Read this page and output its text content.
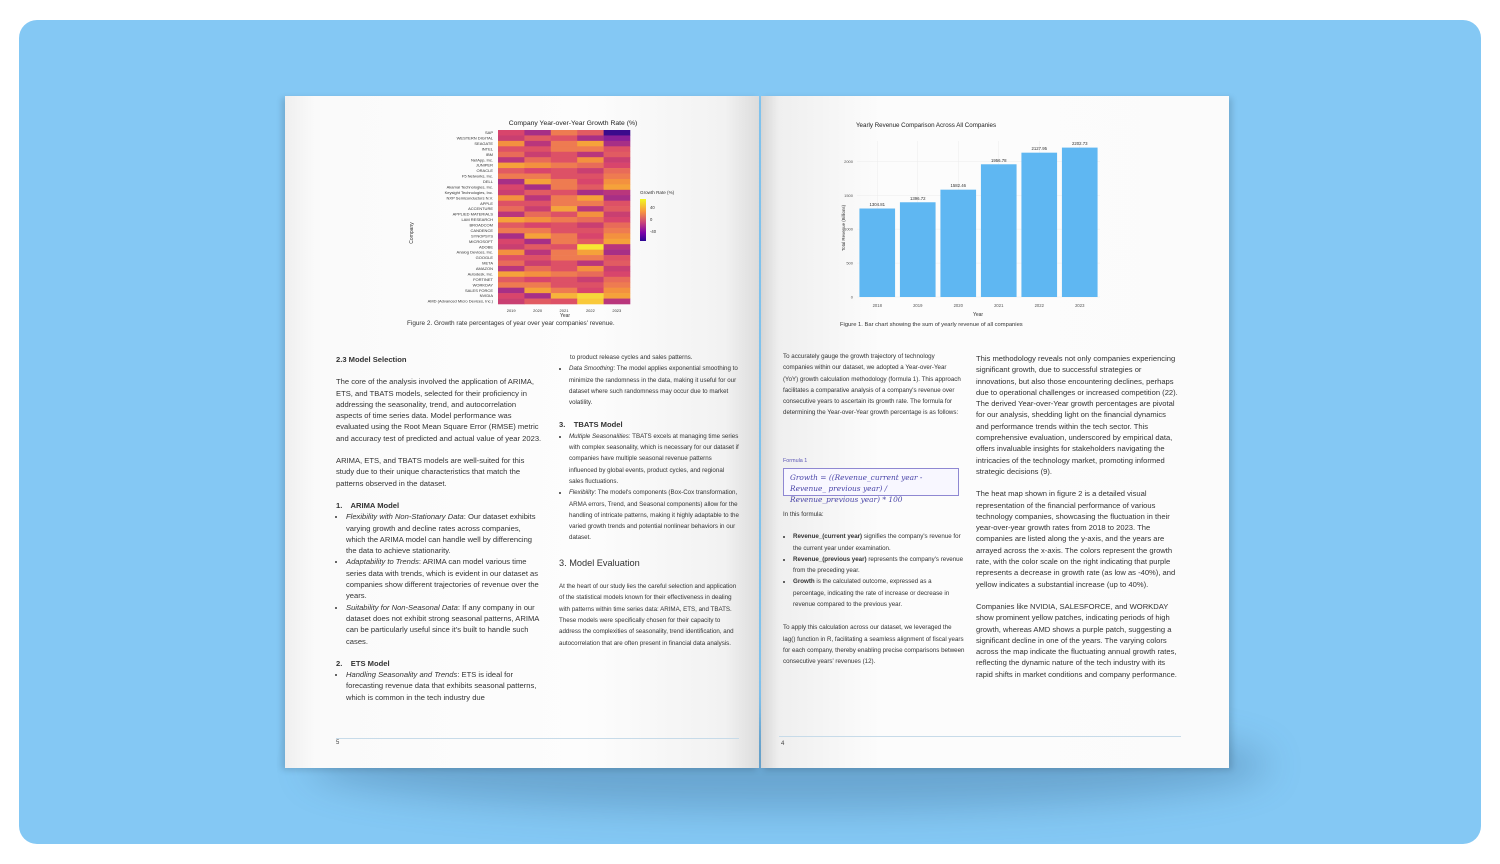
Company Year-over-Year Growth Rate (%)
SAP
WESTERN DIGITAL
SEAGATE
INTEL
IBM
NetApp, Inc.
JUNIPER
ORACLE
F5 Networks, Inc.
DELL
Akamai Technologies, Inc.
Keysight Technologies, Inc.
NXP Semiconductors N.V.
APPLE
ACCENTURE
APPLIED MATERIALS
LAM RESEARCH
BROADCOM
CANDENCE
SYNOPSYS
MICROSOFT
ADOBE
Analog Devices, Inc.
GOOGLE
META
AMAZON
Autodesk, Inc.
FORTINET
WORKDAY
SALES FORCE
NVIDIA
AMD (Advanced Micro Devices, Inc.)
2019	2020	2021	2022	2023
Company
Year
Growth Rate (%)
40
0
-40
Figure 2. Growth rate percentages of year over year companies' revenue.
2.3 Model Selection

The core of the analysis involved the application of ARIMA, ETS, and TBATS models, selected for their proficiency in addressing the seasonality, trend, and autocorrelation aspects of time series data. Model performance was evaluated using the Root Mean Square Error (RMSE) metric and accuracy test of predicted and actual value of year 2023.

ARIMA, ETS, and TBATS models are well-suited for this study due to their unique characteristics that match the patterns observed in the dataset.

1.    ARIMA Model
• Flexibility with Non-Stationary Data: Our dataset exhibits varying growth and decline rates across companies, which the ARIMA model can handle well by differencing the data to achieve stationarity.
• Adaptability to Trends: ARIMA can model various time series data with trends, which is evident in our dataset as companies show different trajectories of revenue over the years.
• Suitability for Non-Seasonal Data: If any company in our dataset does not exhibit strong seasonal patterns, ARIMA can be particularly useful since it's built to handle such cases.
2.    ETS Model
• Handling Seasonality and Trends: ETS is ideal for forecasting revenue data that exhibits seasonal patterns, which is common in the tech industry due

to product release cycles and sales patterns.

• Data Smoothing: The model applies exponential smoothing to minimize the randomness in the data, making it useful for our dataset where such randomness may occur due to market volatility.
3.    TBATS Model
• Multiple Seasonalities: TBATS excels at managing time series with complex seasonality, which is necessary for our dataset if companies have multiple seasonal revenue patterns influenced by global events, product cycles, and regional sales fluctuations.
• Flexibility: The model's components (Box-Cox transformation, ARMA errors, Trend, and Seasonal components) allow for the handling of intricate patterns, making it highly adaptable to the varied growth trends and potential nonlinear behaviors in our dataset.
3. Model Evaluation

At the heart of our study lies the careful selection and application of the statistical models known for their effectiveness in dealing with patterns within time series data: ARIMA, ETS, and TBATS. These models were specifically chosen for their capacity to address the complexities of seasonality, trend identification, and autocorrelation that are often present in financial data analysis.

5
Yearly Revenue Comparison Across All Companies
1304.81
1396.72
1582.46
1956.78
2127.95
2202.73
2018	2019	2020	2021	2022	2023
0
500
1000
1500
2000
Total Revenue (Billions)
Year
Figure 1. Bar chart showing the sum of yearly revenue of all companies

To accurately gauge the growth trajectory of technology companies within our dataset, we adopted a Year-over-Year (YoY) growth calculation methodology (formula 1). This approach facilitates a comparative analysis of a company's revenue over consecutive years to ascertain its growth rate. The formula for determining the Year-over-Year growth percentage is as follows:

Formula 1
Growth = ((Revenue_current year - Revenue_ previous year) / Revenue_previous year) * 100

In this formula:

• Revenue_(current year) signifies the company's revenue for the current year under examination.
• Revenue_(previous year) represents the company's revenue from the preceding year.
• Growth is the calculated outcome, expressed as a percentage, indicating the rate of increase or decrease in revenue compared to the previous year.

To apply this calculation across our dataset, we leveraged the lag() function in R, facilitating a seamless alignment of fiscal years for each company, thereby enabling precise comparisons between consecutive years' revenues (12).

This methodology reveals not only companies experiencing significant growth, due to successful strategies or innovations, but also those encountering declines, perhaps due to operational challenges or increased competition (22). The derived Year-over-Year growth percentages are pivotal for our analysis, shedding light on the financial dynamics and performance trends within the tech sector. This comprehensive evaluation, underscored by empirical data, offers invaluable insights for stakeholders navigating the intricacies of the technology market, promoting informed strategic decisions (9).

The heat map shown in figure 2 is a detailed visual representation of the financial performance of various technology companies, showcasing the fluctuation in their year-over-year growth rates from 2018 to 2023. The companies are listed along the y-axis, and the years are arrayed across the x-axis. The colors represent the growth rate, with the color scale on the right indicating that purple represents a decrease in growth rate (as low as -40%), and yellow indicates a substantial increase (up to 40%).

Companies like NVIDIA, SALESFORCE, and WORKDAY show prominent yellow patches, indicating periods of high growth, whereas AMD shows a purple patch, suggesting a significant decline in one of the years. The varying colors across the map indicate the fluctuating annual growth rates, reflecting the dynamic nature of the tech industry with its rapid shifts in market conditions and company performance.

4
